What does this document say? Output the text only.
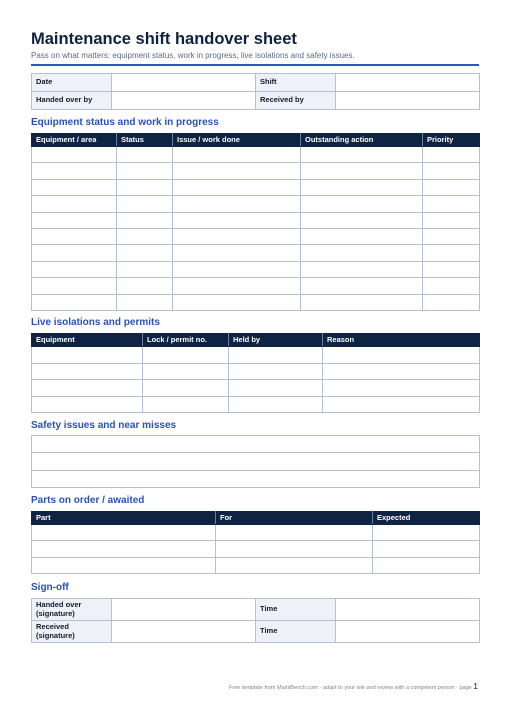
Maintenance shift handover sheet
Pass on what matters: equipment status, work in progress, live isolations and safety issues.
Date		Shift	
Handed over by		Received by	
Equipment status and work in progress
Equipment / area	Status	Issue / work done	Outstanding action	Priority

Live isolations and permits
Equipment	Lock / permit no.	Held by	Reason

Safety issues and near misses

Parts on order / awaited
Part	For	Expected

Sign-off
Handed over (signature)		Time	
Received (signature)		Time	
Free template from MaintBench.com · adapt to your site and review with a competent person · page 1
